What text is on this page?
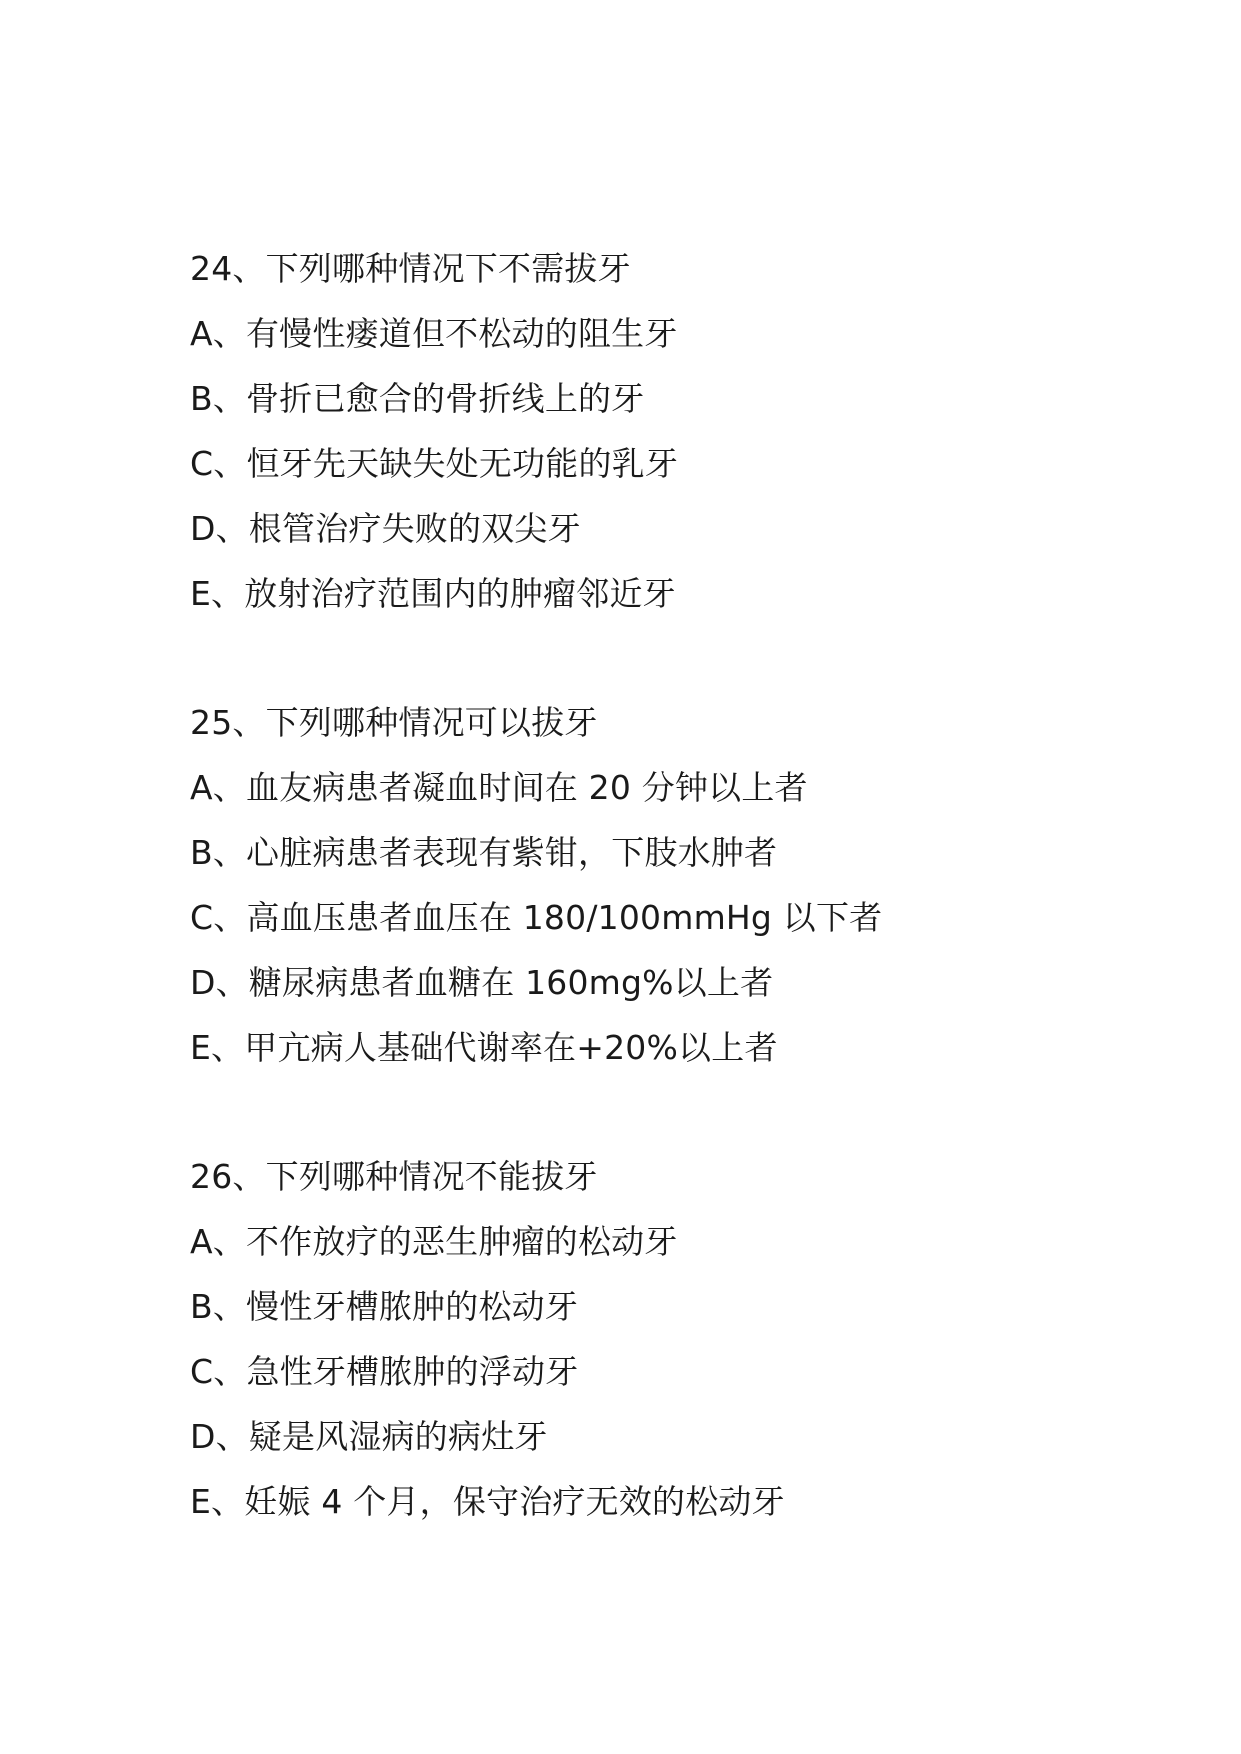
24、下列哪种情况下不需拔牙
A、有慢性瘘道但不松动的阻生牙
B、骨折已愈合的骨折线上的牙
C、恒牙先天缺失处无功能的乳牙
D、根管治疗失败的双尖牙
E、放射治疗范围内的肿瘤邻近牙
25、下列哪种情况可以拔牙
A、血友病患者凝血时间在 20 分钟以上者
B、心脏病患者表现有紫钳，下肢水肿者
C、高血压患者血压在 180/100mmHg 以下者
D、糖尿病患者血糖在 160mg%以上者
E、甲亢病人基础代谢率在+20%以上者
26、下列哪种情况不能拔牙
A、不作放疗的恶生肿瘤的松动牙
B、慢性牙槽脓肿的松动牙
C、急性牙槽脓肿的浮动牙
D、疑是风湿病的病灶牙
E、妊娠 4 个月，保守治疗无效的松动牙
